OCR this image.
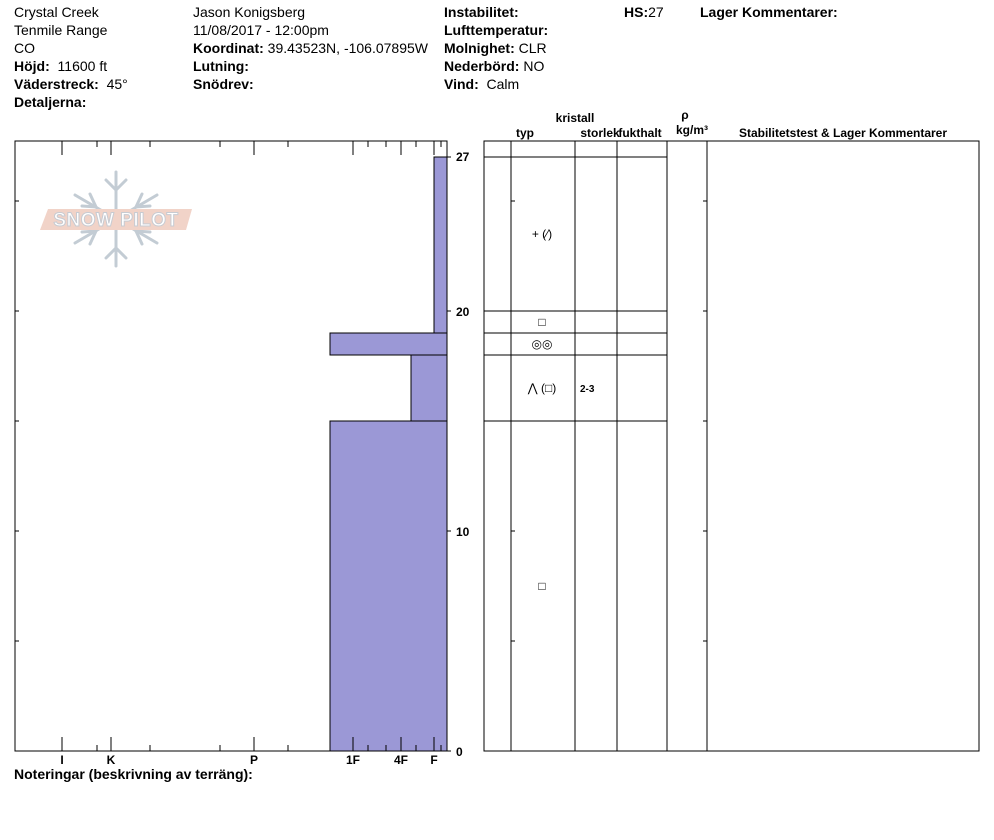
Crystal Creek
Tenmile Range
CO
Höjd: 11600 ft
Väderstreck: 45°
Detaljerna:
Jason Konigsberg
11/08/2017 - 12:00pm
Koordinat: 39.43523N, -106.07895W
Lutning:
Snödrev:
Instabilitet:
Lufttemperatur:
Molnighet: CLR
Nederbörd: NO
Vind: Calm
HS:27	Lager Kommentarer:
Noteringar (beskrivning av terräng):
SNOW PILOT
I	K	P	1F	4F F
27
20
10
0
kristall
typ	storlek
fukthalt
ρ
kg/m³	Stabilitetstest & Lager Kommentarer
+ (⁄)
□
◎◎
⋀ (□) 2-3
□
